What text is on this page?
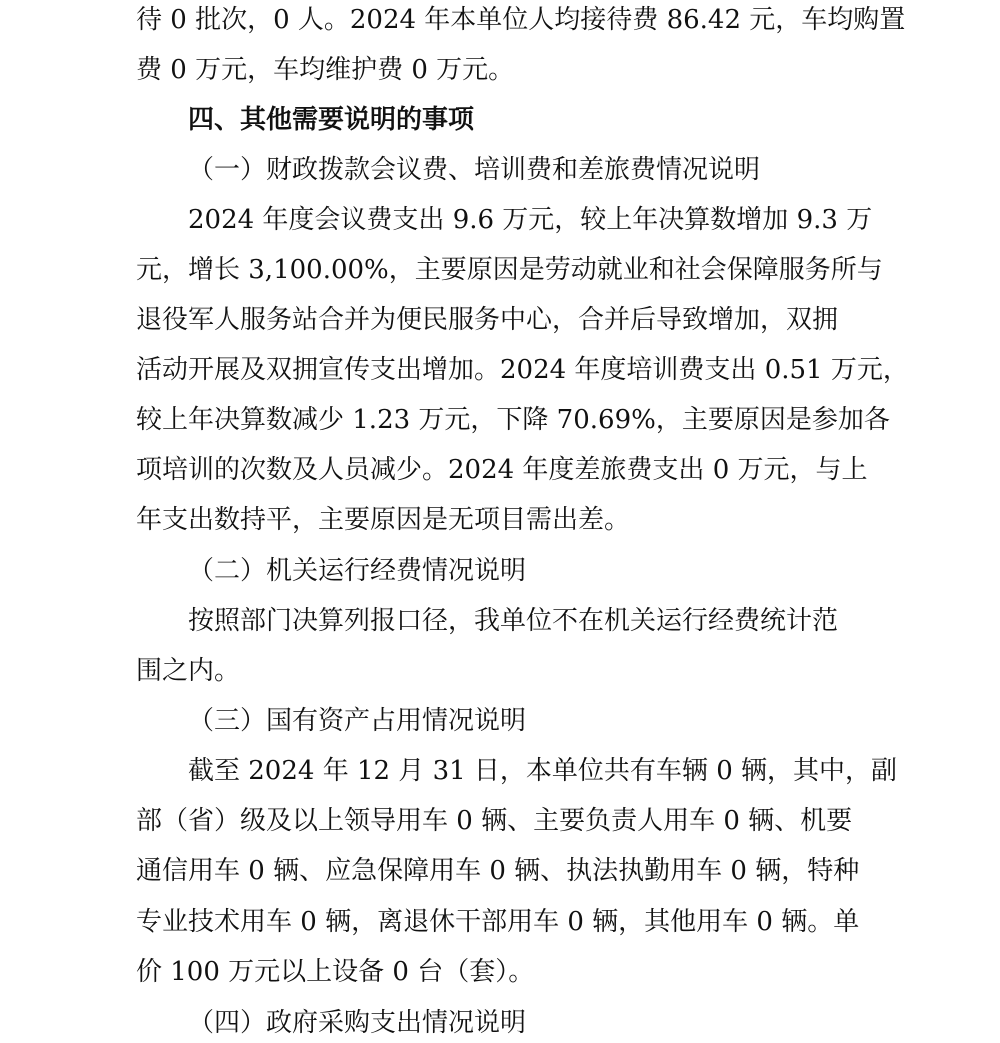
待 0 批次，0 人。2024 年本单位人均接待费 86.42 元，车均购置
费 0 万元，车均维护费 0 万元。
四、其他需要说明的事项
（一）财政拨款会议费、培训费和差旅费情况说明
2024 年度会议费支出 9.6 万元，较上年决算数增加 9.3 万
元，增长 3,100.00%，主要原因是劳动就业和社会保障服务所与
退役军人服务站合并为便民服务中心，合并后导致增加，双拥
活动开展及双拥宣传支出增加。2024 年度培训费支出 0.51 万元，
较上年决算数减少 1.23 万元，下降 70.69%，主要原因是参加各
项培训的次数及人员减少。2024 年度差旅费支出 0 万元，与上
年支出数持平，主要原因是无项目需出差。
（二）机关运行经费情况说明
按照部门决算列报口径，我单位不在机关运行经费统计范
围之内。
（三）国有资产占用情况说明
截至 2024 年 12 月 31 日，本单位共有车辆 0 辆，其中，副
部（省）级及以上领导用车 0 辆、主要负责人用车 0 辆、机要
通信用车 0 辆、应急保障用车 0 辆、执法执勤用车 0 辆，特种
专业技术用车 0 辆，离退休干部用车 0 辆，其他用车 0 辆。单
价 100 万元以上设备 0 台（套）。
（四）政府采购支出情况说明
